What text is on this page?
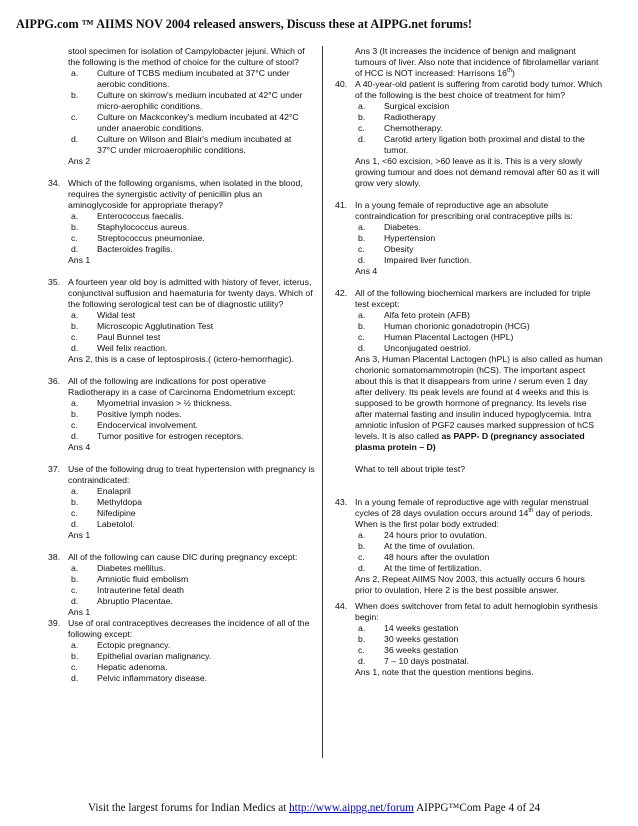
AIPPG.com ™ AIIMS NOV 2004 released answers, Discuss these at AIPPG.net forums!
stool specimen for isolation of Campylobacter jejuni. Which of
the following is the method of choice for the culture of stool?
a. Culture of TCBS medium incubated at 37°C under
aerobic conditions.
b. Culture on skirrow's medium incubated at 42°C under
micro-aerophilic conditions.
c. Culture on Mackconkey's medium incubated at 42°C
under anaerobic conditions.
d. Culture on Wilson and Blair's medium incubated at
37°C under microaerophilic conditions.
Ans 2
34. Which of the following organisms, when isolated in the blood,
requires the synergistic activity of penicillin plus an
aminoglycoside for appropriate therapy?
a. Enterococcus faecalis.
b. Staphylococcus aureus.
c. Streptococcus pneumoniae.
d. Bacteroides fragilis.
Ans 1
35. A fourteen year old boy is admitted with history of fever, icterus,
conjunctival suffusion and haematuria for twenty days. Which of
the following serological test can be of diagnostic utility?
a. Widal test
b. Microscopic Agglutination Test
c. Paul Bunnel test
d. Weil felix reaction.
Ans 2, this is a case of leptospirosis.( (ictero-hemorrhagic).
36. All of the following are indications for post operative
Radiotherapy in a case of Carcinoma Endometrium except:
a. Myometrial invasion > ½ thickness.
b. Positive lymph nodes.
c. Endocervical involvement.
d. Tumor positive for estrogen receptors.
Ans 4
37. Use of the following drug to treat hypertension with pregnancy is
contraindicated:
a. Enalapril
b. Methyldopa
c. Nifedipine
d. Labetolol.
Ans 1
38. All of the following can cause DIC during pregnancy except:
a. Diabetes mellitus.
b. Amniotic fluid embolism
c. Intrauterine fetal death
d. Abruptio Placentae.
Ans 1
39. Use of oral contraceptives decreases the incidence of all of the
following except:
a. Ectopic pregnancy.
b. Epithelial ovarian malignancy.
c. Hepatic adenoma.
d. Pelvic inflammatory disease.
Ans 3 (It increases the incidence of benign and malignant
tumours of liver. Also note that incidence of fibrolamellar variant
of HCC is NOT increased: Harrisons 16th)
40. A 40-year-old patient is suffering from carotid body tumor. Which
of the following is the best choice of treatment for him?
a. Surgical excision
b. Radiotherapy
c. Chemotherapy.
d. Carotid artery ligation both proximal and distal to the
tumor.
Ans 1, <60 excision, >60 leave as it is. This is a very slowly
growing tumour and does not demand removal after 60 as it will
grow very slowly.
41. In a young female of reproductive age an absolute
contraindication for prescribing oral contraceptive pills is:
a. Diabetes.
b. Hypertension
c. Obesity
d. Impaired liver function.
Ans 4
42. All of the following biochemical markers are included for triple
test except:
a. Alfa feto protein (AFB)
b. Human chorionic gonadotropin (HCG)
c. Human Placental Lactogen (HPL)
d. Unconjugated oestriol.
Ans 3, Human Placental Lactogen (hPL) is also called as human
chorionic somatomammotropin (hCS). The important aspect
about this is that it disappears from urine / serum even 1 day
after delivery. Its peak levels are found at 4 weeks and this is
supposed to be growth hormone of pregnancy. Its levels rise
after maternal fasting and insulin induced hypoglycemia. Intra
amniotic infusion of PGF2 causes marked suppression of hCS
levels. It is also called as PAPP- D (pregnancy associated
plasma protein – D)
What to tell about triple test?
43. In a young female of reproductive age with regular menstrual
cycles of 28 days ovulation occurs around 14th day of periods.
When is the first polar body extruded:
a. 24 hours prior to ovulation.
b. At the time of ovulation.
c. 48 hours after the ovulation
d. At the time of fertilization.
Ans 2, Repeat AIIMS Nov 2003, this actually occurs 6 hours
prior to ovulation, Here 2 is the best possible answer.
44. When does switchover from fetal to adult hemoglobin synthesis
begin:
a. 14 weeks gestation
b. 30 weeks gestation
c. 36 weeks gestation
d. 7 – 10 days postnatal.
Ans 1, note that the question mentions begins.
Visit the largest forums for Indian Medics at http://www.aippg.net/forum AIPPG™Com Page 4 of 24
